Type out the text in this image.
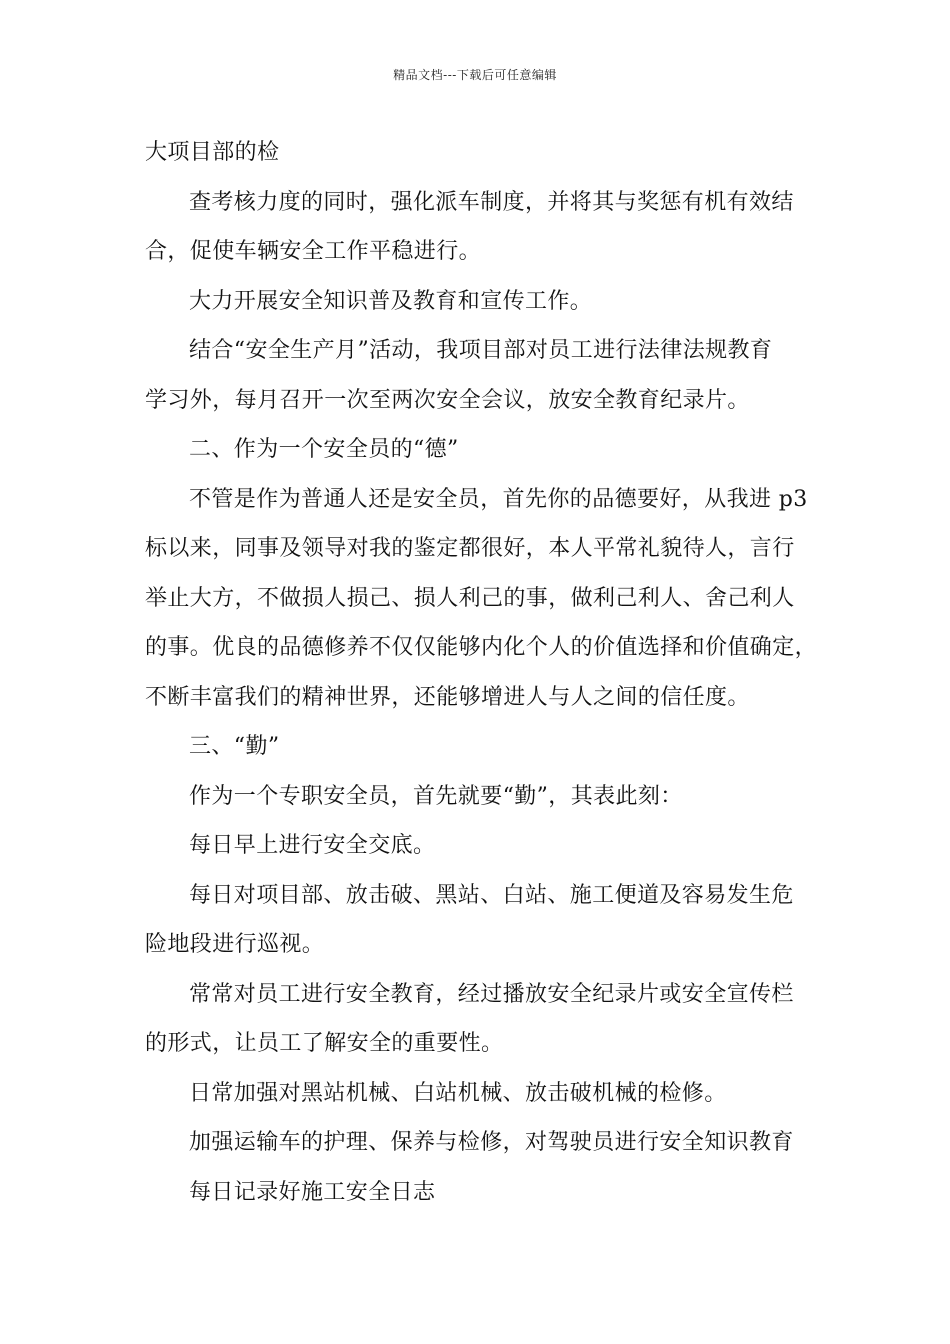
精品文档---下载后可任意编辑

大项目部的检

查考核力度的同时，强化派车制度，并将其与奖惩有机有效结

合，促使车辆安全工作平稳进行。

大力开展安全知识普及教育和宣传工作。

结合“安全生产月”活动，我项目部对员工进行法律法规教育

学习外，每月召开一次至两次安全会议，放安全教育纪录片。

二、作为一个安全员的“德”

不管是作为普通人还是安全员，首先你的品德要好，从我进 p3

标以来，同事及领导对我的鉴定都很好，本人平常礼貌待人，言行

举止大方，不做损人损己、损人利己的事，做利己利人、舍己利人

的事。优良的品德修养不仅仅能够内化个人的价值选择和价值确定，

不断丰富我们的精神世界，还能够增进人与人之间的信任度。

三、“勤”

作为一个专职安全员，首先就要“勤”，其表此刻：

每日早上进行安全交底。

每日对项目部、放击破、黑站、白站、施工便道及容易发生危

险地段进行巡视。

常常对员工进行安全教育，经过播放安全纪录片或安全宣传栏

的形式，让员工了解安全的重要性。

日常加强对黑站机械、白站机械、放击破机械的检修。

加强运输车的护理、保养与检修，对驾驶员进行安全知识教育

每日记录好施工安全日志
